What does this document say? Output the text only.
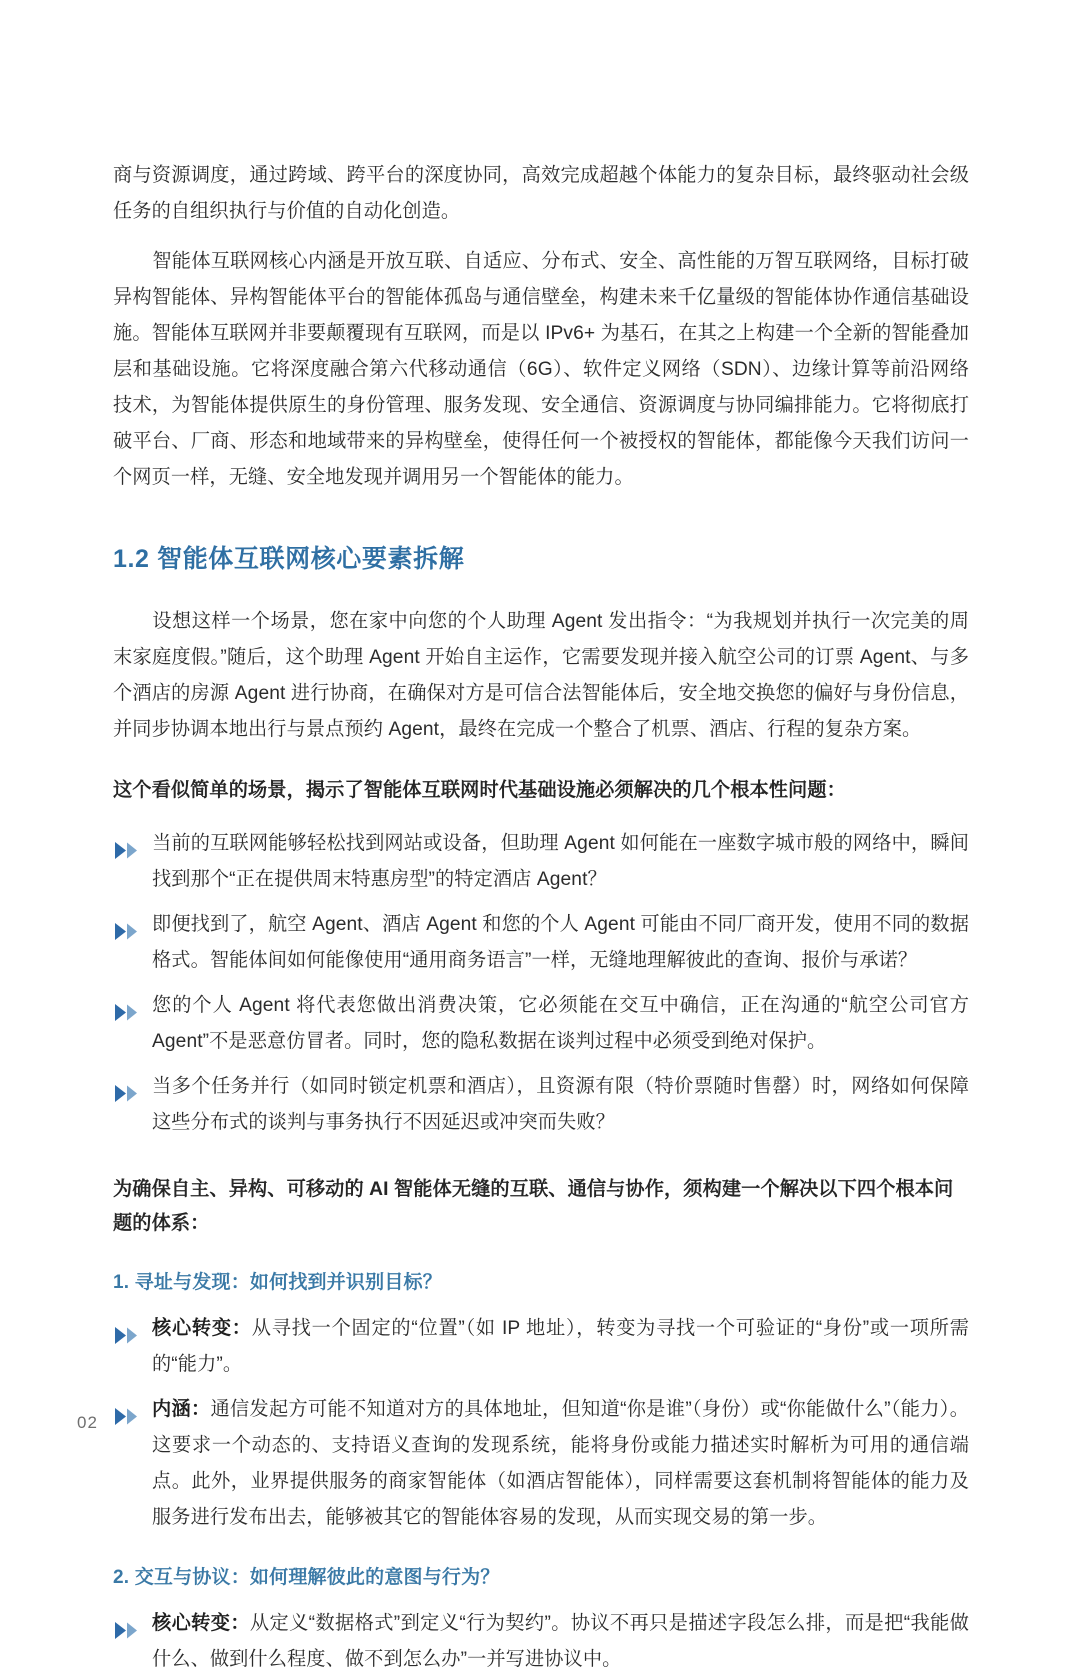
商与资源调度，通过跨域、跨平台的深度协同，高效完成超越个体能力的复杂目标，最终驱动社会级任务的自组织执行与价值的自动化创造。

智能体互联网核心内涵是开放互联、自适应、分布式、安全、高性能的万智互联网络，目标打破异构智能体、异构智能体平台的智能体孤岛与通信壁垒，构建未来千亿量级的智能体协作通信基础设施。智能体互联网并非要颠覆现有互联网，而是以 IPv6+ 为基石，在其之上构建一个全新的智能叠加层和基础设施。它将深度融合第六代移动通信（6G）、软件定义网络（SDN）、边缘计算等前沿网络技术，为智能体提供原生的身份管理、服务发现、安全通信、资源调度与协同编排能力。它将彻底打破平台、厂商、形态和地域带来的异构壁垒，使得任何一个被授权的智能体，都能像今天我们访问一个网页一样，无缝、安全地发现并调用另一个智能体的能力。

1.2 智能体互联网核心要素拆解

设想这样一个场景，您在家中向您的个人助理 Agent 发出指令：“为我规划并执行一次完美的周末家庭度假。”随后，这个助理 Agent 开始自主运作，它需要发现并接入航空公司的订票 Agent、与多个酒店的房源 Agent 进行协商，在确保对方是可信合法智能体后，安全地交换您的偏好与身份信息，并同步协调本地出行与景点预约 Agent，最终在完成一个整合了机票、酒店、行程的复杂方案。

这个看似简单的场景，揭示了智能体互联网时代基础设施必须解决的几个根本性问题：

当前的互联网能够轻松找到网站或设备，但助理 Agent 如何能在一座数字城市般的网络中，瞬间找到那个“正在提供周末特惠房型”的特定酒店 Agent？
即便找到了，航空 Agent、酒店 Agent 和您的个人 Agent 可能由不同厂商开发，使用不同的数据格式。智能体间如何能像使用“通用商务语言”一样，无缝地理解彼此的查询、报价与承诺？
您的个人 Agent 将代表您做出消费决策，它必须能在交互中确信，正在沟通的“航空公司官方 Agent”不是恶意仿冒者。同时，您的隐私数据在谈判过程中必须受到绝对保护。
当多个任务并行（如同时锁定机票和酒店），且资源有限（特价票随时售罄）时，网络如何保障这些分布式的谈判与事务执行不因延迟或冲突而失败？

为确保自主、异构、可移动的 AI 智能体无缝的互联、通信与协作，须构建一个解决以下四个根本问题的体系：

1. 寻址与发现：如何找到并识别目标？

核心转变：从寻找一个固定的“位置”（如 IP 地址），转变为寻找一个可验证的“身份”或一项所需的“能力”。
内涵：通信发起方可能不知道对方的具体地址，但知道“你是谁”（身份）或“你能做什么”（能力）。这要求一个动态的、支持语义查询的发现系统，能将身份或能力描述实时解析为可用的通信端点。此外，业界提供服务的商家智能体（如酒店智能体），同样需要这套机制将智能体的能力及服务进行发布出去，能够被其它的智能体容易的发现，从而实现交易的第一步。

2. 交互与协议：如何理解彼此的意图与行为？

核心转变：从定义“数据格式”到定义“行为契约”。协议不再只是描述字段怎么排，而是把“我能做什么、做到什么程度、做不到怎么办”一并写进协议中。
02
